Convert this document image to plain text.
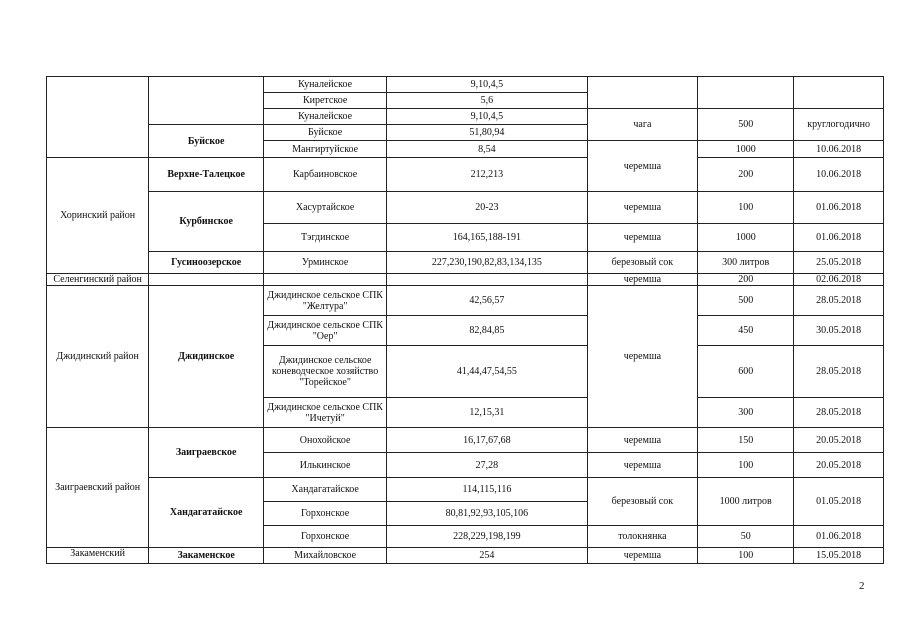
		Куналейское	9,10,4,5			
		Киретское	5,6			
		Куналейское	9,10,4,5	чага	500	круглогодично
	Буйское	Буйское	51,80,94			
		Мангиртуйское	8,54	черемша	1000	10.06.2018
Хоринский район	Верхне-Талецкое	Карбаиновское	212,213		200	10.06.2018
	Курбинское	Хасуртайское	20-23	черемша	100	01.06.2018
		Тэгдинское	164,165,188-191	черемша	1000	01.06.2018
	Гусиноозерское	Урминское	227,230,190,82,83,134,135	березовый сок	300 литров	25.05.2018
Селенгинский район				черемша	200	02.06.2018
Джидинский район	Джидинское	Джидинское сельское СПК "Желтура"	42,56,57	черемша	500	28.05.2018
		Джидинское сельское СПК "Оер"	82,84,85		450	30.05.2018
		Джидинское сельское коневодческое хозяйство "Торейское"	41,44,47,54,55		600	28.05.2018
		Джидинское сельское СПК "Ичетуй"	12,15,31		300	28.05.2018
Заиграевский район	Заиграевское	Онохойское	16,17,67,68	черемша	150	20.05.2018
		Илькинское	27,28	черемша	100	20.05.2018
	Хандагатайское	Хандагатайское	114,115,116	березовый сок	1000 литров	01.05.2018
		Горхонское	80,81,92,93,105,106			
		Горхонское	228,229,198,199	толокнянка	50	01.06.2018
Закаменский	Закаменское	Михайловское	254	черемша	100	15.05.2018
2
